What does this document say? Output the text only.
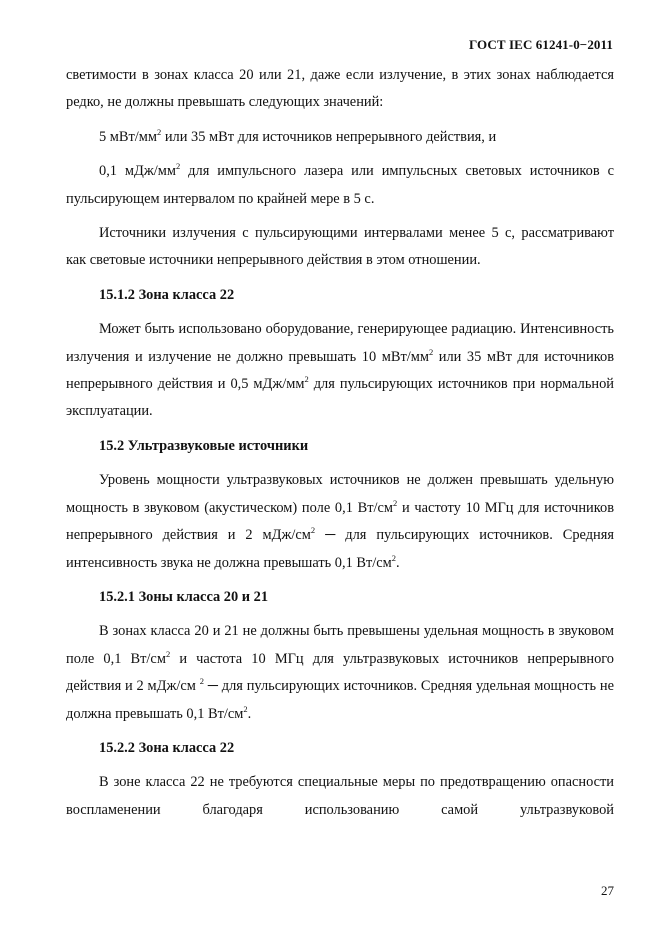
ГОСТ IEC 61241-0−2011

светимости в зонах класса 20 или 21, даже если излучение, в этих зонах наблюдается редко, не должны превышать следующих значений:

5 мВт/$мм^2$ или 35 мВт для источников непрерывного действия, и

0,1 мДж/$мм^2$ для импульсного лазера или импульсных световых источников с пульсирующем интервалом по крайней мере в 5 с.

Источники излучения с пульсирующими интервалами менее 5 с, рассматривают как световые источники непрерывного действия в этом отношении.

15.1.2 Зона класса 22

Может быть использовано оборудование, генерирующее радиацию. Интенсивность излучения и излучение не должно превышать 10 мВт/$мм^2$ или 35 мВт для источников непрерывного действия и 0,5 мДж/$мм^2$ для пульсирующих источников при нормальной эксплуатации.

15.2 Ультразвуковые источники

Уровень мощности ультразвуковых источников не должен превышать удельную мощность в звуковом (акустическом) поле 0,1 $Вт/см^2$ и частоту 10 МГц для источников непрерывного действия и 2 мДж/$см^2$ ─ для пульсирующих источников. Средняя интенсивность звука не должна превышать 0,1 $Вт/см^2$.

15.2.1 Зоны класса 20 и 21

В зонах класса 20 и 21 не должны быть превышены удельная мощность в звуковом поле 0,1 $Вт/см^2$ и частота 10 МГц для ультразвуковых источников непрерывного действия и 2 мДж/см $^2$ ─ для пульсирующих источников. Средняя удельная мощность не должна превышать 0,1 $Вт/см^2$.

15.2.2 Зона класса 22

В зоне класса 22 не требуются специальные меры по предотвращению опасности воспламенении благодаря использованию самой ультразвуковой

27
